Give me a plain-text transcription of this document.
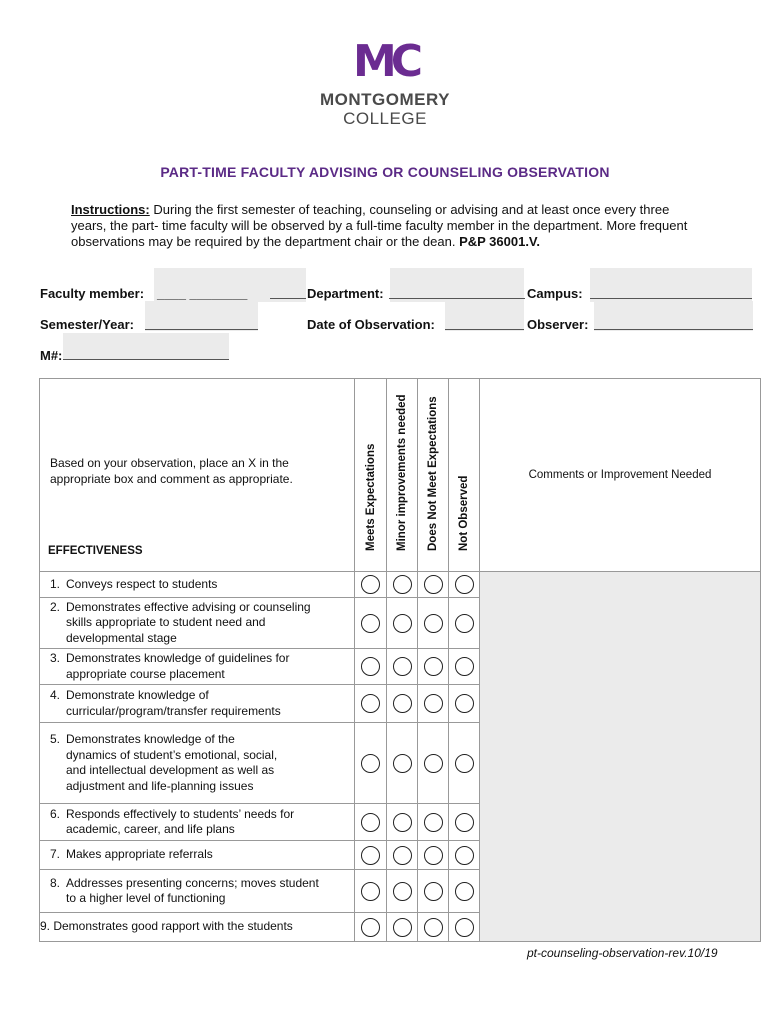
MC
MONTGOMERY
COLLEGE
PART-TIME FACULTY ADVISING OR COUNSELING OBSERVATION
Instructions: During the first semester of teaching, counseling or advising and at least once every three years, the part- time faculty will be observed by a full-time faculty member in the department. More frequent observations may be required by the department chair or the dean. P&P 36001.V.
Faculty member: ____ ________	Department:	Campus:
Semester/Year:	Date of Observation:	Observer:
M#:
Based on your observation, place an X in the appropriate box and comment as appropriate.
EFFECTIVENESS	Meets Expectations	Minor improvements needed	Does Not Meet Expectations	Not Observed	Comments or Improvement Needed
1. Conveys respect to students					
2. Demonstrates effective advising or counseling skills appropriate to student need and developmental stage					
3. Demonstrates knowledge of guidelines for appropriate course placement					
4. Demonstrate knowledge of curricular/program/transfer requirements					
5. Demonstrates knowledge of the dynamics of student’s emotional, social, and intellectual development as well as adjustment and life-planning issues					
6. Responds effectively to students’ needs for academic, career, and life plans					
7. Makes appropriate referrals					
8. Addresses presenting concerns; moves student to a higher level of functioning					
9. Demonstrates good rapport with the students					
pt-counseling-observation-rev.10/19
